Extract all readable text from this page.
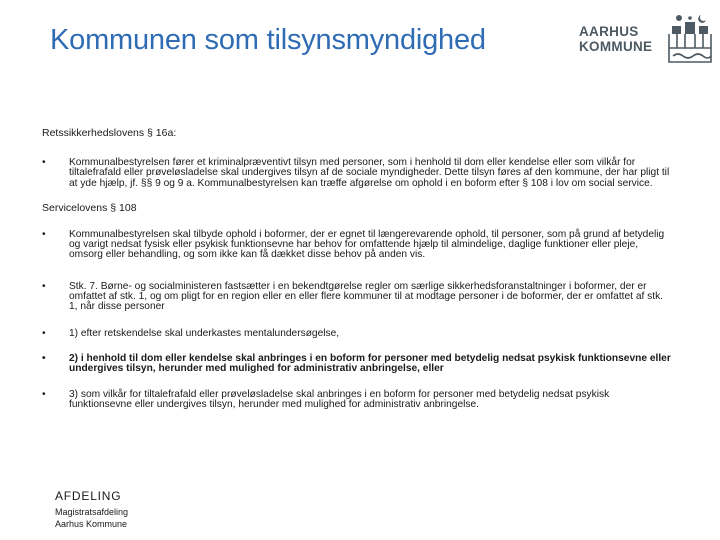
Kommunen som tilsynsmyndighed	AARHUS
KOMMUNE

Retssikkerhedslovens § 16a:

• Kommunalbestyrelsen fører et kriminalpræventivt tilsyn med personer, som i henhold til dom eller kendelse eller som vilkår for tiltalefrafald eller prøveløsladelse skal undergives tilsyn af de sociale myndigheder. Dette tilsyn føres af den kommune, der har pligt til at yde hjælp, jf. §§ 9 og 9 a. Kommunalbestyrelsen kan træffe afgørelse om ophold i en boform efter § 108 i lov om social service.

Servicelovens § 108

• Kommunalbestyrelsen skal tilbyde ophold i boformer, der er egnet til længerevarende ophold, til personer, som på grund af betydelig og varigt nedsat fysisk eller psykisk funktionsevne har behov for omfattende hjælp til almindelige, daglige funktioner eller pleje, omsorg eller behandling, og som ikke kan få dækket disse behov på anden vis.
• Stk. 7. Børne- og socialministeren fastsætter i en bekendtgørelse regler om særlige sikkerhedsforanstaltninger i boformer, der er omfattet af stk. 1, og om pligt for en region eller en eller flere kommuner til at modtage personer i de boformer, der er omfattet af stk. 1, når disse personer
• 1) efter retskendelse skal underkastes mentalundersøgelse,
• 2) i henhold til dom eller kendelse skal anbringes i en boform for personer med betydelig nedsat psykisk funktionsevne eller undergives tilsyn, herunder med mulighed for administrativ anbringelse, eller
• 3) som vilkår for tiltalefrafald eller prøveløsladelse skal anbringes i en boform for personer med betydelig nedsat psykisk funktionsevne eller undergives tilsyn, herunder med mulighed for administrativ anbringelse.
AFDELING
Magistratsafdeling
Aarhus Kommune
